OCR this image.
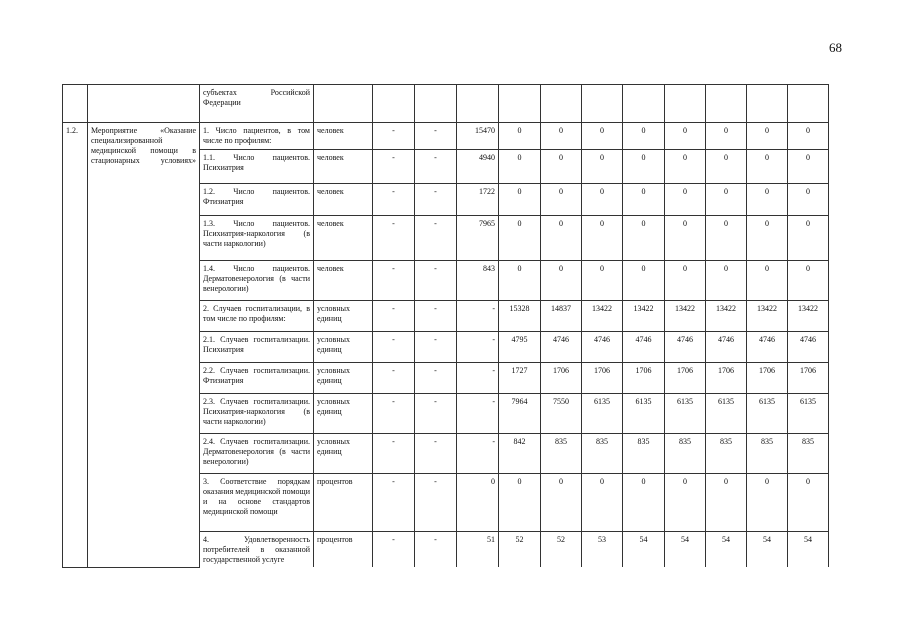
68
		субъектах Российской Федерации												
1.2.	Мероприятие «Оказание специализированной медицинской помощи в стационарных условиях»	1. Число пациентов, в том числе по профилям:	человек	-	-	15470	0	0	0	0	0	0	0	0
		1.1. Число пациентов. Психиатрия	человек	-	-	4940	0	0	0	0	0	0	0	0
		1.2. Число пациентов. Фтизиатрия	человек	-	-	1722	0	0	0	0	0	0	0	0
		1.3. Число пациентов. Психиатрия-наркология (в части наркологии)	человек	-	-	7965	0	0	0	0	0	0	0	0
		1.4. Число пациентов. Дерматовенерология (в части венерологии)	человек	-	-	843	0	0	0	0	0	0	0	0
		2. Случаев госпитализации, в том числе по профилям:	условных единиц	-	-	-	15328	14837	13422	13422	13422	13422	13422	13422
		2.1. Случаев госпитализации. Психиатрия	условных единиц	-	-	-	4795	4746	4746	4746	4746	4746	4746	4746
		2.2. Случаев госпитализации. Фтизиатрия	условных единиц	-	-	-	1727	1706	1706	1706	1706	1706	1706	1706
		2.3. Случаев госпитализации. Психиатрия-наркология (в части наркологии)	условных единиц	-	-	-	7964	7550	6135	6135	6135	6135	6135	6135
		2.4. Случаев госпитализации. Дерматовенерология (в части венерологии)	условных единиц	-	-	-	842	835	835	835	835	835	835	835
		3. Соответствие порядкам оказания медицинской помощи и на основе стандартов медицинской помощи	процентов	-	-	0	0	0	0	0	0	0	0	0
		4. Удовлетворенность потребителей в оказанной государственной услуге	процентов	-	-	51	52	52	53	54	54	54	54	54
